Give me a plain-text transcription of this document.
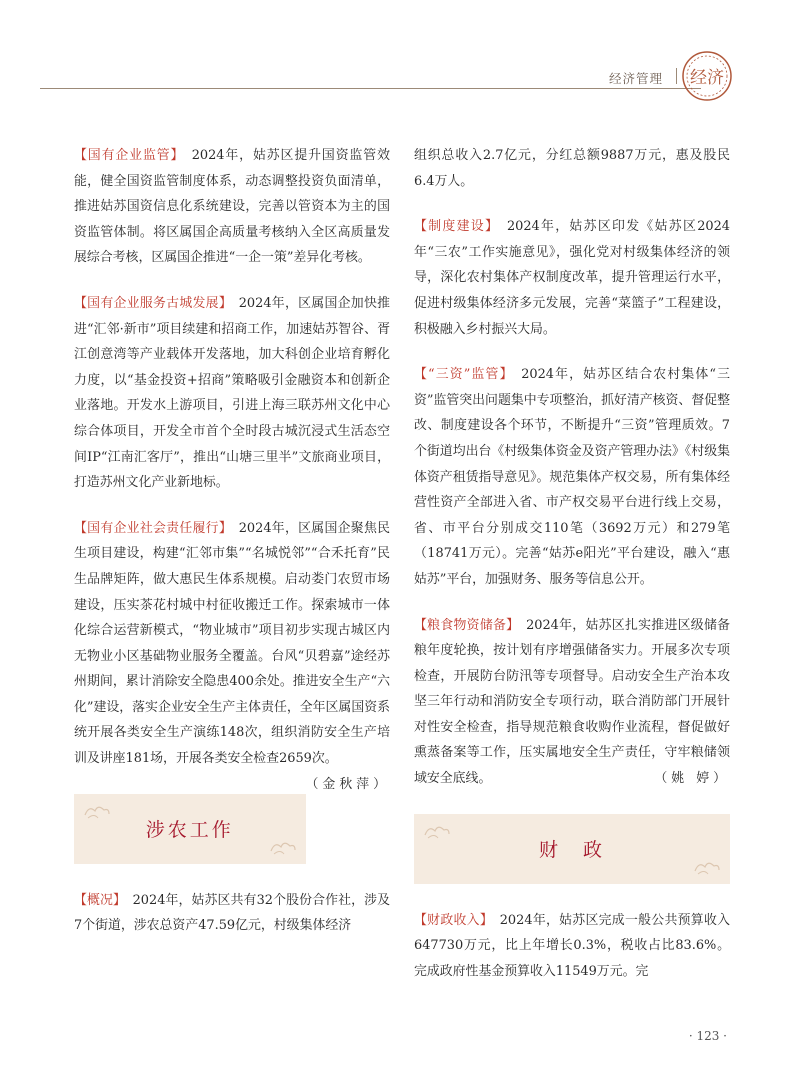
经济管理 经济

【国有企业监管】　 2024年，姑苏区提升国资监管效能，健全国资监管制度体系，动态调整投资负面清单，推进姑苏国资信息化系统建设，完善以管资本为主的国资监管体制。将区属国企高质量考核纳入全区高质量发展综合考核，区属国企推进“一企一策”差异化考核。

【国有企业服务古城发展】　 2024年，区属国企加快推进“汇邻·新市”项目续建和招商工作，加速姑苏智谷、胥江创意湾等产业载体开发落地，加大科创企业培育孵化力度，以“基金投资+招商”策略吸引金融资本和创新企业落地。开发水上游项目，引进上海三联苏州文化中心综合体项目，开发全市首个全时段古城沉浸式生活态空间IP“江南汇客厅”，推出“山塘三里半”文旅商业项目，打造苏州文化产业新地标。

【国有企业社会责任履行】　 2024年，区属国企聚焦民生项目建设，构建“汇邻市集”“名城悦邻”“合禾托育”民生品牌矩阵，做大惠民生体系规模。启动娄门农贸市场建设，压实茶花村城中村征收搬迁工作。探索城市一体化综合运营新模式，“物业城市”项目初步实现古城区内无物业小区基础物业服务全覆盖。台风“贝碧嘉”途经苏州期间，累计消除安全隐患400余处。推进安全生产“六化”建设，落实企业安全生产主体责任，全年区属国资系统开展各类安全生产演练148次，组织消防安全生产培训及讲座181场，开展各类安全检查2659次。
（金秋萍）

涉农工作

【概况】　 2024年，姑苏区共有32个股份合作社，涉及7个街道，涉农总资产47.59亿元，村级集体经济

组织总收入2.7亿元，分红总额9887万元，惠及股民6.4万人。

【制度建设】　 2024年，姑苏区印发《姑苏区2024年“三农”工作实施意见》，强化党对村级集体经济的领导，深化农村集体产权制度改革，提升管理运行水平，促进村级集体经济多元发展，完善“菜篮子”工程建设，积极融入乡村振兴大局。

【“三资”监管】　 2024年，姑苏区结合农村集体“三资”监管突出问题集中专项整治，抓好清产核资、督促整改、制度建设各个环节，不断提升“三资”管理质效。7个街道均出台《村级集体资金及资产管理办法》《村级集体资产租赁指导意见》。规范集体产权交易，所有集体经营性资产全部进入省、市产权交易平台进行线上交易，省、市平台分别成交110笔（3692万元）和279笔（18741万元）。完善“姑苏e阳光”平台建设，融入“惠姑苏”平台，加强财务、服务等信息公开。

【粮食物资储备】　 2024年，姑苏区扎实推进区级储备粮年度轮换，按计划有序增强储备实力。开展多次专项检查，开展防台防汛等专项督导。启动安全生产治本攻坚三年行动和消防安全专项行动，联合消防部门开展针对性安全检查，指导规范粮食收购作业流程，督促做好熏蒸备案等工作，压实属地安全生产责任，守牢粮储领域安全底线。	（姚 婷）

财　政

【财政收入】　 2024年，姑苏区完成一般公共预算收入647730万元，比上年增长0.3%，税收占比83.6%。完成政府性基金预算收入11549万元。完

· 123 ·
